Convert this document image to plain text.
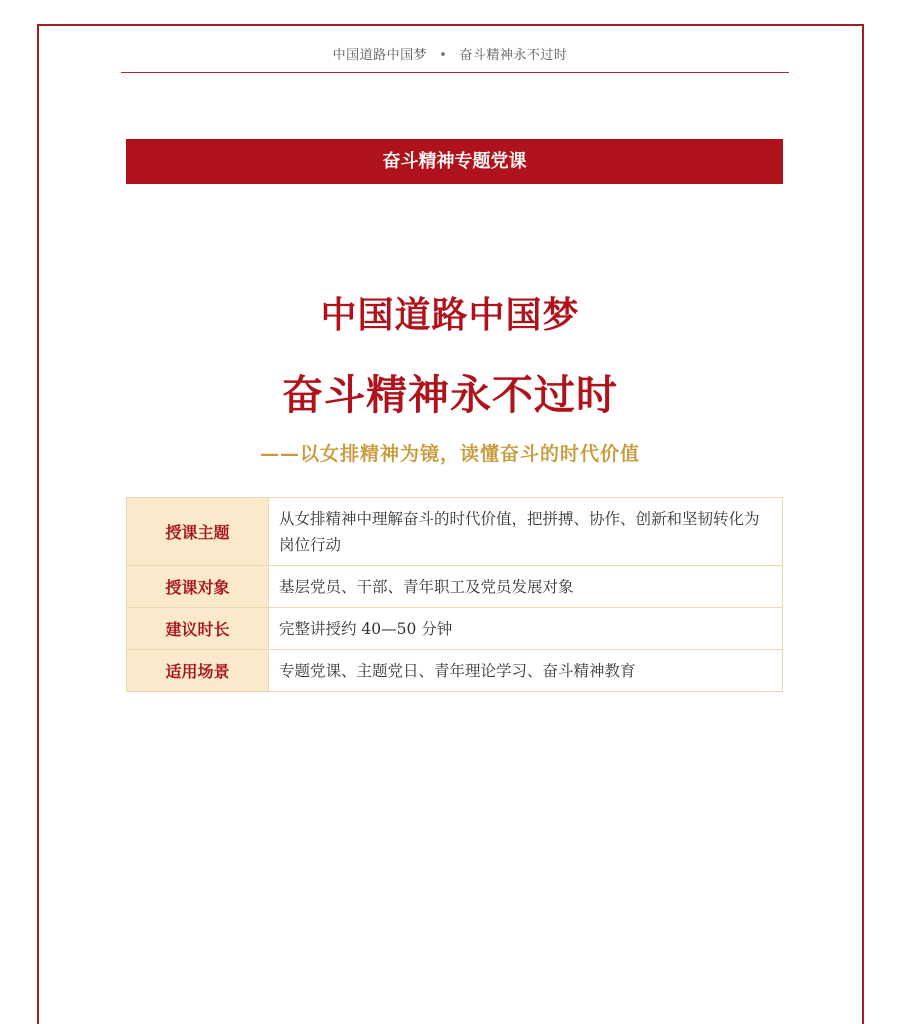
中国道路中国梦 • 奋斗精神永不过时
奋斗精神专题党课
中国道路中国梦
奋斗精神永不过时
——以女排精神为镜，读懂奋斗的时代价值
授课主题	从女排精神中理解奋斗的时代价值，把拼搏、协作、创新和坚韧转化为岗位行动
授课对象	基层党员、干部、青年职工及党员发展对象
建议时长	完整讲授约 40—50 分钟
适用场景	专题党课、主题党日、青年理论学习、奋斗精神教育
